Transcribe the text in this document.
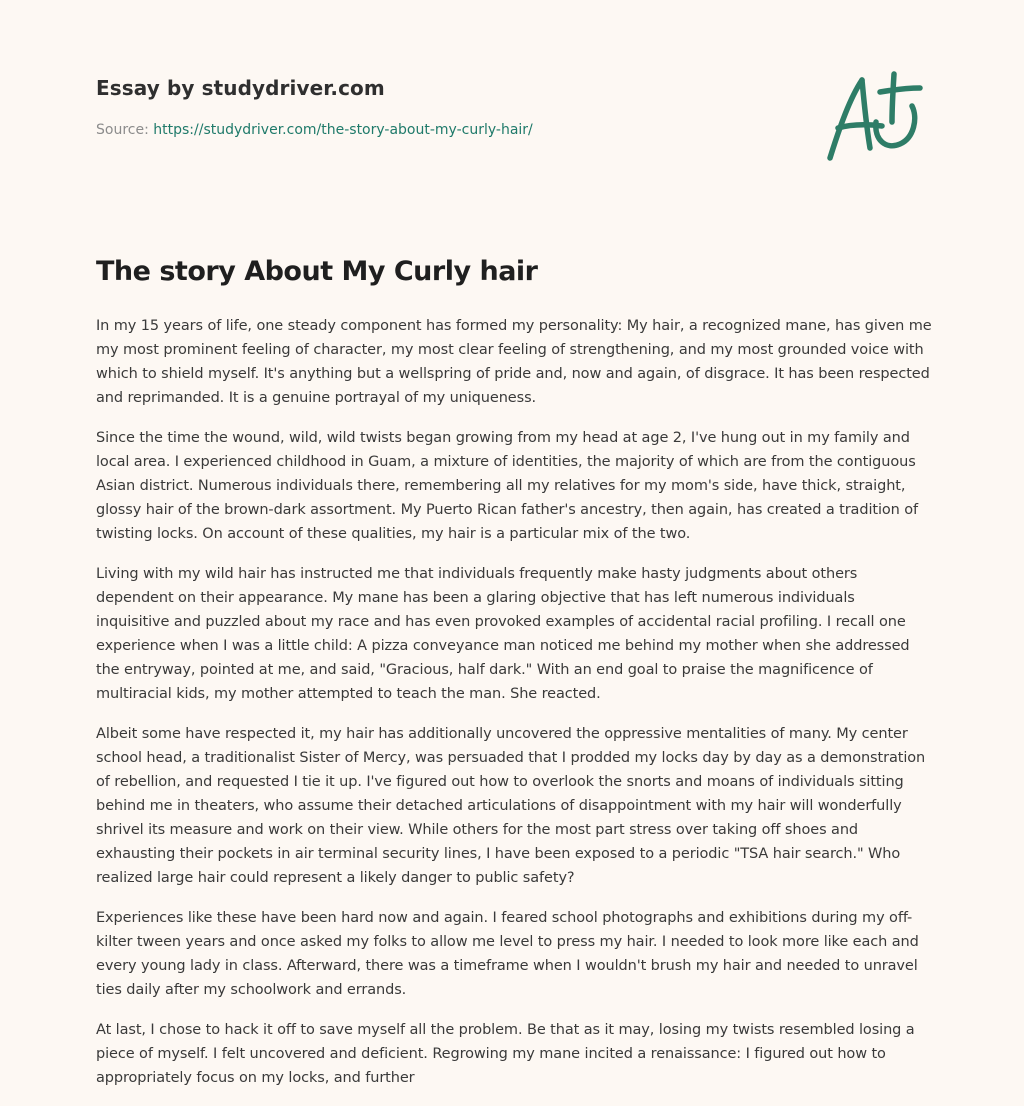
Essay by studydriver.com
Source: https://studydriver.com/the-story-about-my-curly-hair/
The story About My Curly hair

In my 15 years of life, one steady component has formed my personality: My hair, a recognized mane, has given me my most prominent feeling of character, my most clear feeling of strengthening, and my most grounded voice with which to shield myself. It's anything but a wellspring of pride and, now and again, of disgrace. It has been respected and reprimanded. It is a genuine portrayal of my uniqueness.

Since the time the wound, wild, wild twists began growing from my head at age 2, I've hung out in my family and local area. I experienced childhood in Guam, a mixture of identities, the majority of which are from the contiguous Asian district. Numerous individuals there, remembering all my relatives for my mom's side, have thick, straight, glossy hair of the brown-dark assortment. My Puerto Rican father's ancestry, then again, has created a tradition of twisting locks. On account of these qualities, my hair is a particular mix of the two.

Living with my wild hair has instructed me that individuals frequently make hasty judgments about others dependent on their appearance. My mane has been a glaring objective that has left numerous individuals inquisitive and puzzled about my race and has even provoked examples of accidental racial profiling. I recall one experience when I was a little child: A pizza conveyance man noticed me behind my mother when she addressed the entryway, pointed at me, and said, "Gracious, half dark." With an end goal to praise the magnificence of multiracial kids, my mother attempted to teach the man. She reacted.

Albeit some have respected it, my hair has additionally uncovered the oppressive mentalities of many. My center school head, a traditionalist Sister of Mercy, was persuaded that I prodded my locks day by day as a demonstration of rebellion, and requested I tie it up. I've figured out how to overlook the snorts and moans of individuals sitting behind me in theaters, who assume their detached articulations of disappointment with my hair will wonderfully shrivel its measure and work on their view. While others for the most part stress over taking off shoes and exhausting their pockets in air terminal security lines, I have been exposed to a periodic "TSA hair search." Who realized large hair could represent a likely danger to public safety?

Experiences like these have been hard now and again. I feared school photographs and exhibitions during my off-kilter tween years and once asked my folks to allow me level to press my hair. I needed to look more like each and every young lady in class. Afterward, there was a timeframe when I wouldn't brush my hair and needed to unravel ties daily after my schoolwork and errands.

At last, I chose to hack it off to save myself all the problem. Be that as it may, losing my twists resembled losing a piece of myself. I felt uncovered and deficient. Regrowing my mane incited a renaissance: I figured out how to appropriately focus on my locks, and further
